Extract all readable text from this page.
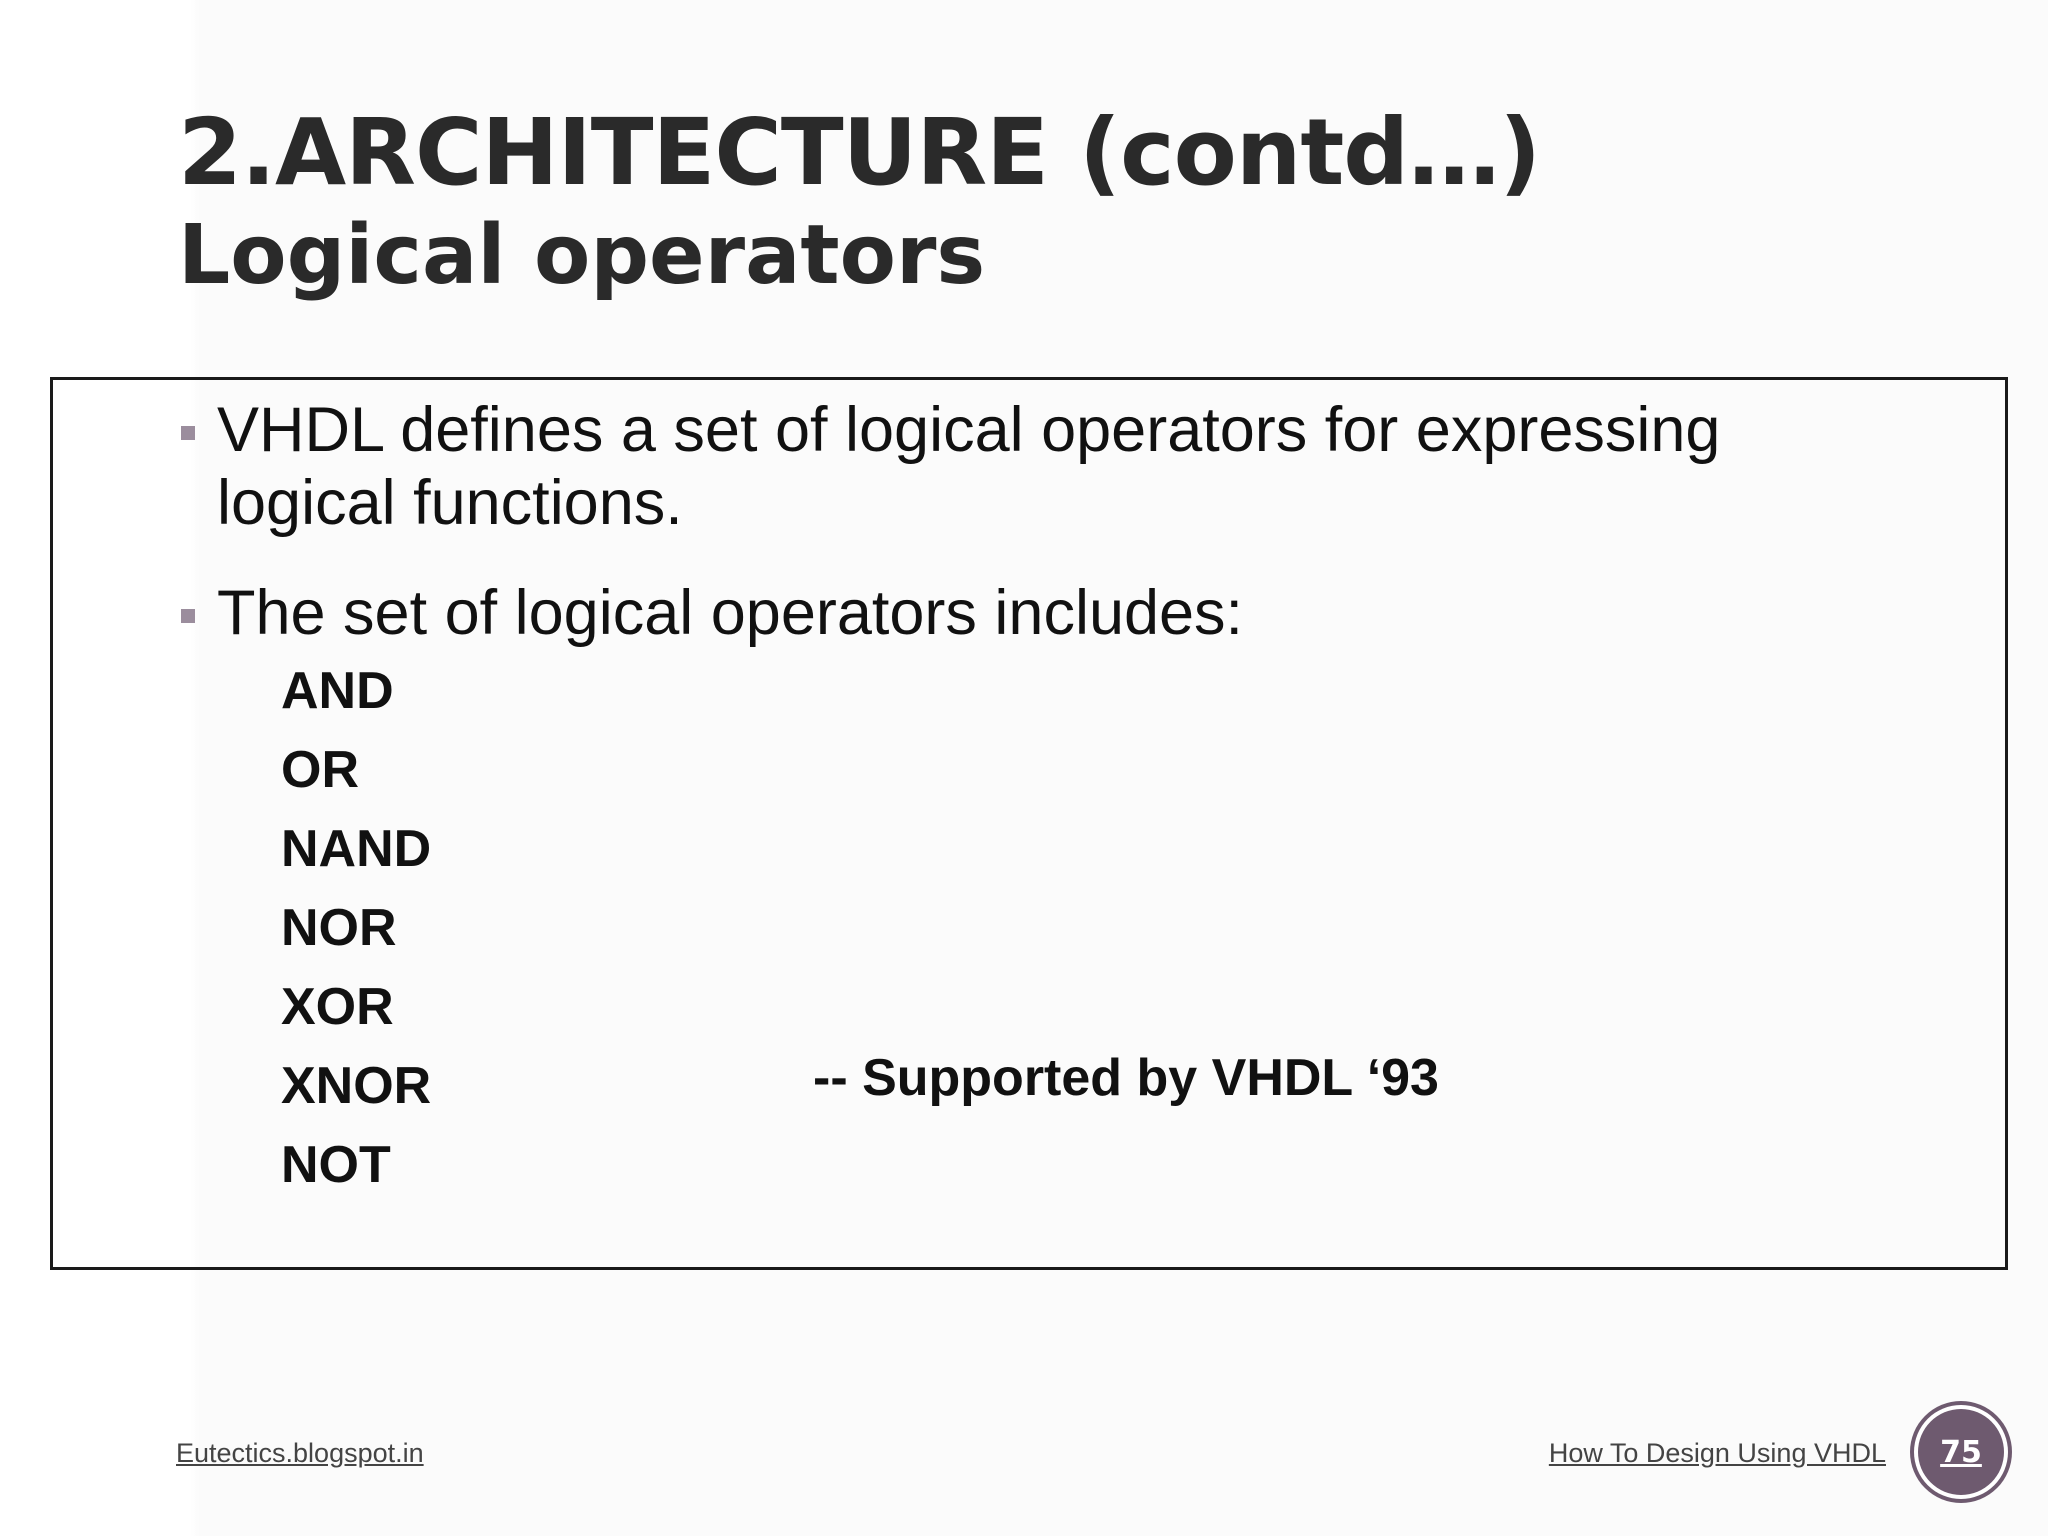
2.ARCHITECTURE (contd…)
Logical operators
VHDL defines a set of logical operators for expressing
logical functions.
The set of logical operators includes:
AND
OR
NAND
NOR
XOR
XNOR
NOT
-- Supported by VHDL ‘93
Eutectics.blogspot.in	How To Design Using VHDL 75
